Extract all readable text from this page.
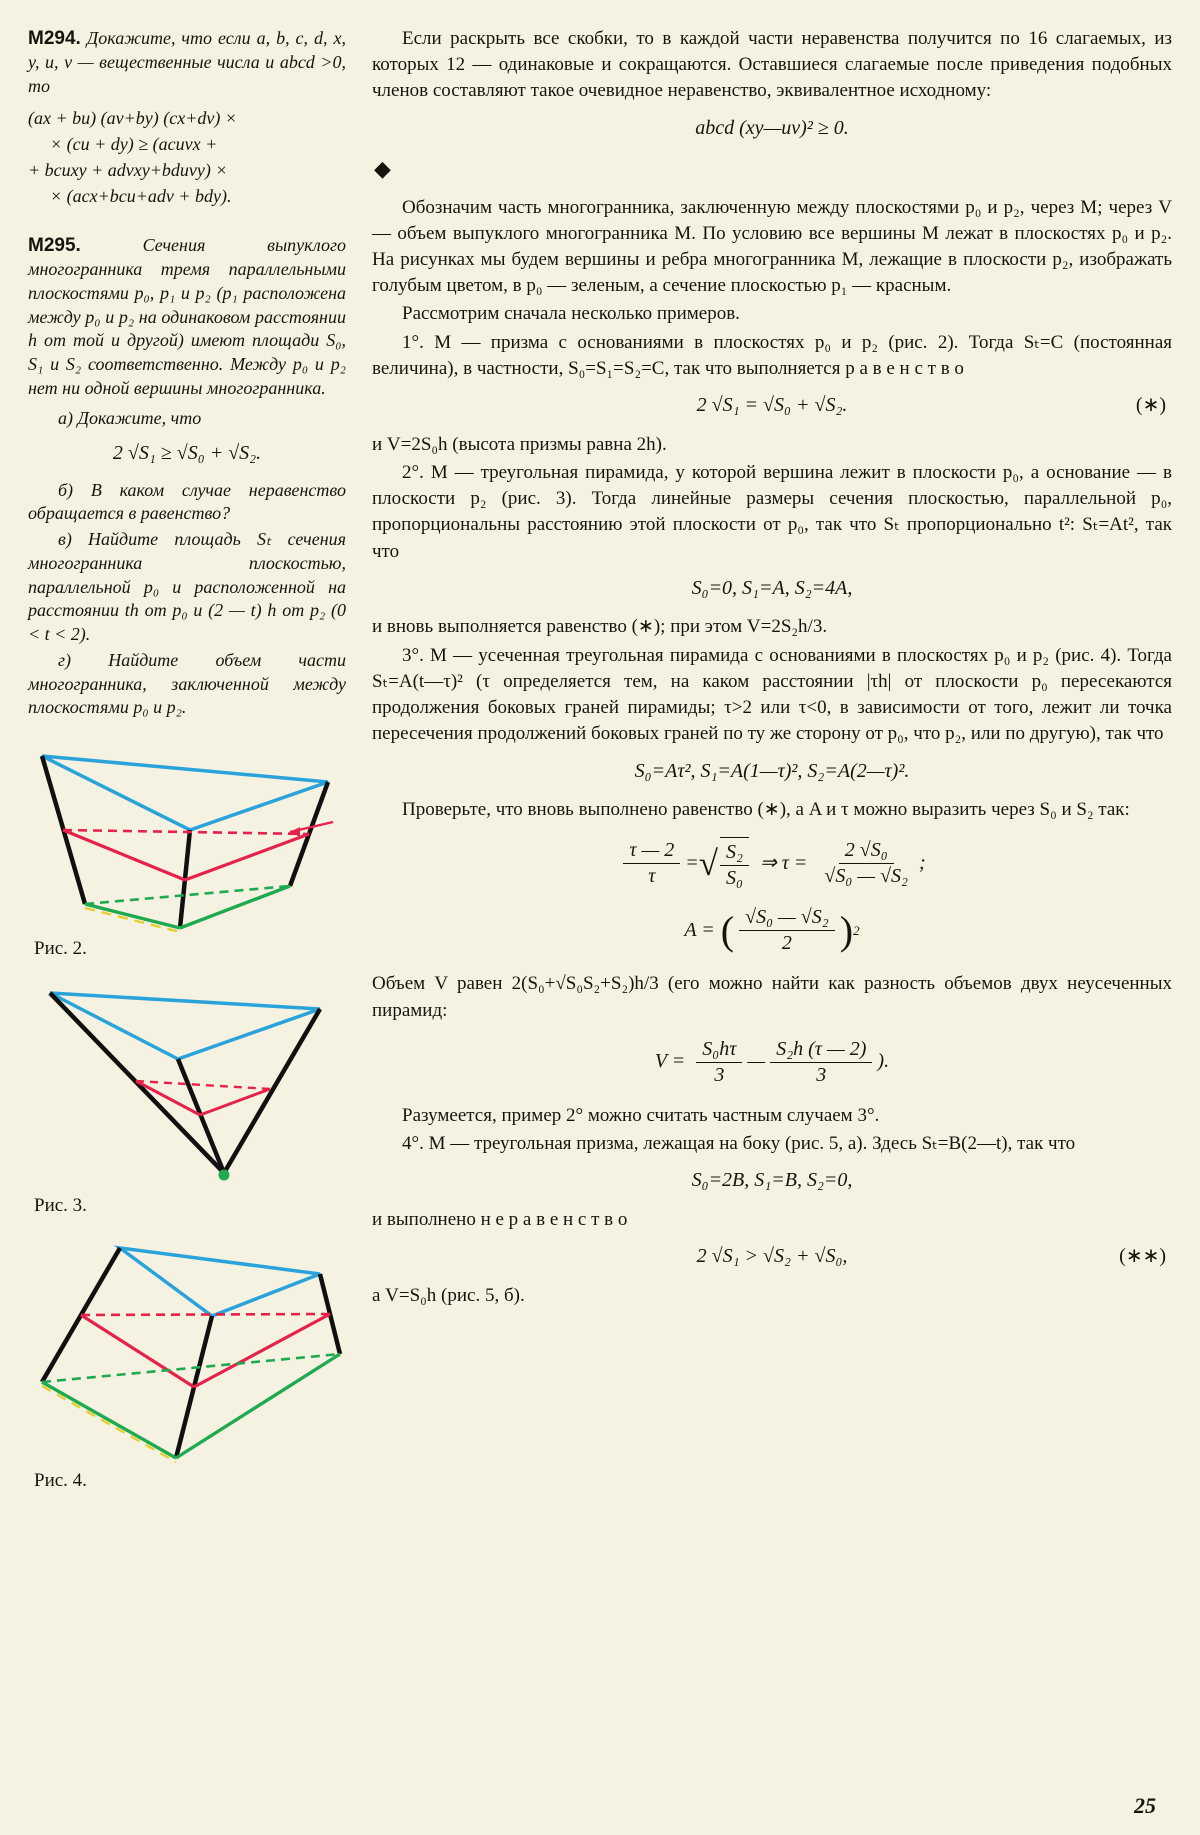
М294. Докажите, что если a, b, c, d, x, y, u, v — вещественные числа и abcd >0, то

(ax + bu) (av+by) (cx+dv) ×
× (cu + dy) ≥ (acuvx +
+ bcuxy + advxy+bduvy) ×
× (acx+bcu+adv + bdy).

М295.	Сечения выпуклого многогранника тремя параллельными плоскостями p₀, p₁ и p₂ (p₁ расположена между p₀ и p₂ на одинаковом расстоянии h от той и другой) имеют площади S₀, S₁ и S₂ соответственно. Между p₀ и p₂ нет ни одной вершины многогранника.

а) Докажите, что

2 √S₁ ≥ √S₀ + √S₂.

б) В каком случае неравенство обращается в равенство?

в) Найдите площадь Sₜ сечения многогранника плоскостью, параллельной p₀ и расположенной на расстоянии th от p₀ и (2 — t) h от p₂ (0 < t < 2).

г) Найдите объем части многогранника, заключенной между плоскостями p₀ и p₂.

Рис. 2.
Рис. 3.
Рис. 4.

Если раскрыть все скобки, то в каждой части неравенства получится по 16 слагаемых, из которых 12 — одинаковые и сокращаются. Оставшиеся слагаемые после приведения подобных членов составляют такое очевидное неравенство, эквивалентное исходному:

abcd (xy—uv)² ≥ 0.
◆

Обозначим часть многогранника, заключенную между плоскостями p₀ и p₂, через M; через V — объем выпуклого многогранника M. По условию все вершины M лежат в плоскостях p₀ и p₂. На рисунках мы будем вершины и ребра многогранника M, лежащие в плоскости p₂, изображать голубым цветом, в p₀ — зеленым, а сечение плоскостью p₁ — красным.

Рассмотрим сначала несколько примеров.

1°. M — призма с основаниями в плоскостях p₀ и p₂ (рис. 2). Тогда Sₜ=C (постоянная величина), в частности, S₀=S₁=S₂=C, так что выполняется р а в е н с т в о

2 √S₁ = √S₀ + √S₂.	(∗)

и V=2S₀h (высота призмы равна 2h).

2°. M — треугольная пирамида, у которой вершина лежит в плоскости p₀, а основание — в плоскости p₂ (рис. 3). Тогда линейные размеры сечения плоскостью, параллельной p₀, пропорциональны расстоянию этой плоскости от p₀, так что Sₜ пропорционально t²: Sₜ=At², так что

S₀=0, S₁=A, S₂=4A,

и вновь выполняется равенство (∗); при этом V=2S₂h/3.

3°. M — усеченная треугольная пирамида с основаниями в плоскостях p₀ и p₂ (рис. 4). Тогда Sₜ=A(t—τ)² (τ определяется тем, на каком расстоянии |τh| от плоскости p₀ пересекаются продолжения боковых граней пирамиды; τ>2 или τ<0, в зависимости от того, лежит ли точка пересечения продолжений боковых граней по ту же сторону от p₀, что p₂, или по другую), так что

S₀=Aτ², S₁=A(1—τ)², S₂=A(2—τ)².

Проверьте, что вновь выполнено равенство (∗), а A и τ можно выразить через S₀ и S₂ так:

$\frac{\tau — 2}{\tau}$ = √ $\frac{\text{S₂}}{\text{S₀}}$ ⇒ $\tau = \frac{\text{2 √S₀}}{\text{√S₀ — √S₂}}$ ;
A = ( $\frac{\text{√S₀ — √S₂}}{2}$ ) 2

Объем V равен 2(S₀+√S₀S₂+S₂)h/3 (его можно найти как разность объемов двух неусеченных пирамид:

$V = \frac{\text{S₀hτ}}{3}$ — $\frac{\text{S₂h (τ — 2)}}{3}$ ).

Разумеется, пример 2° можно считать частным случаем 3°.

4°. M — треугольная призма, лежащая на боку (рис. 5, а). Здесь Sₜ=B(2—t), так что

S₀=2B, S₁=B, S₂=0,

и выполнено н е р а в е н с т в о

2 √S₁ > √S₂ + √S₀,	(∗∗)

а V=S₀h (рис. 5, б).

25
